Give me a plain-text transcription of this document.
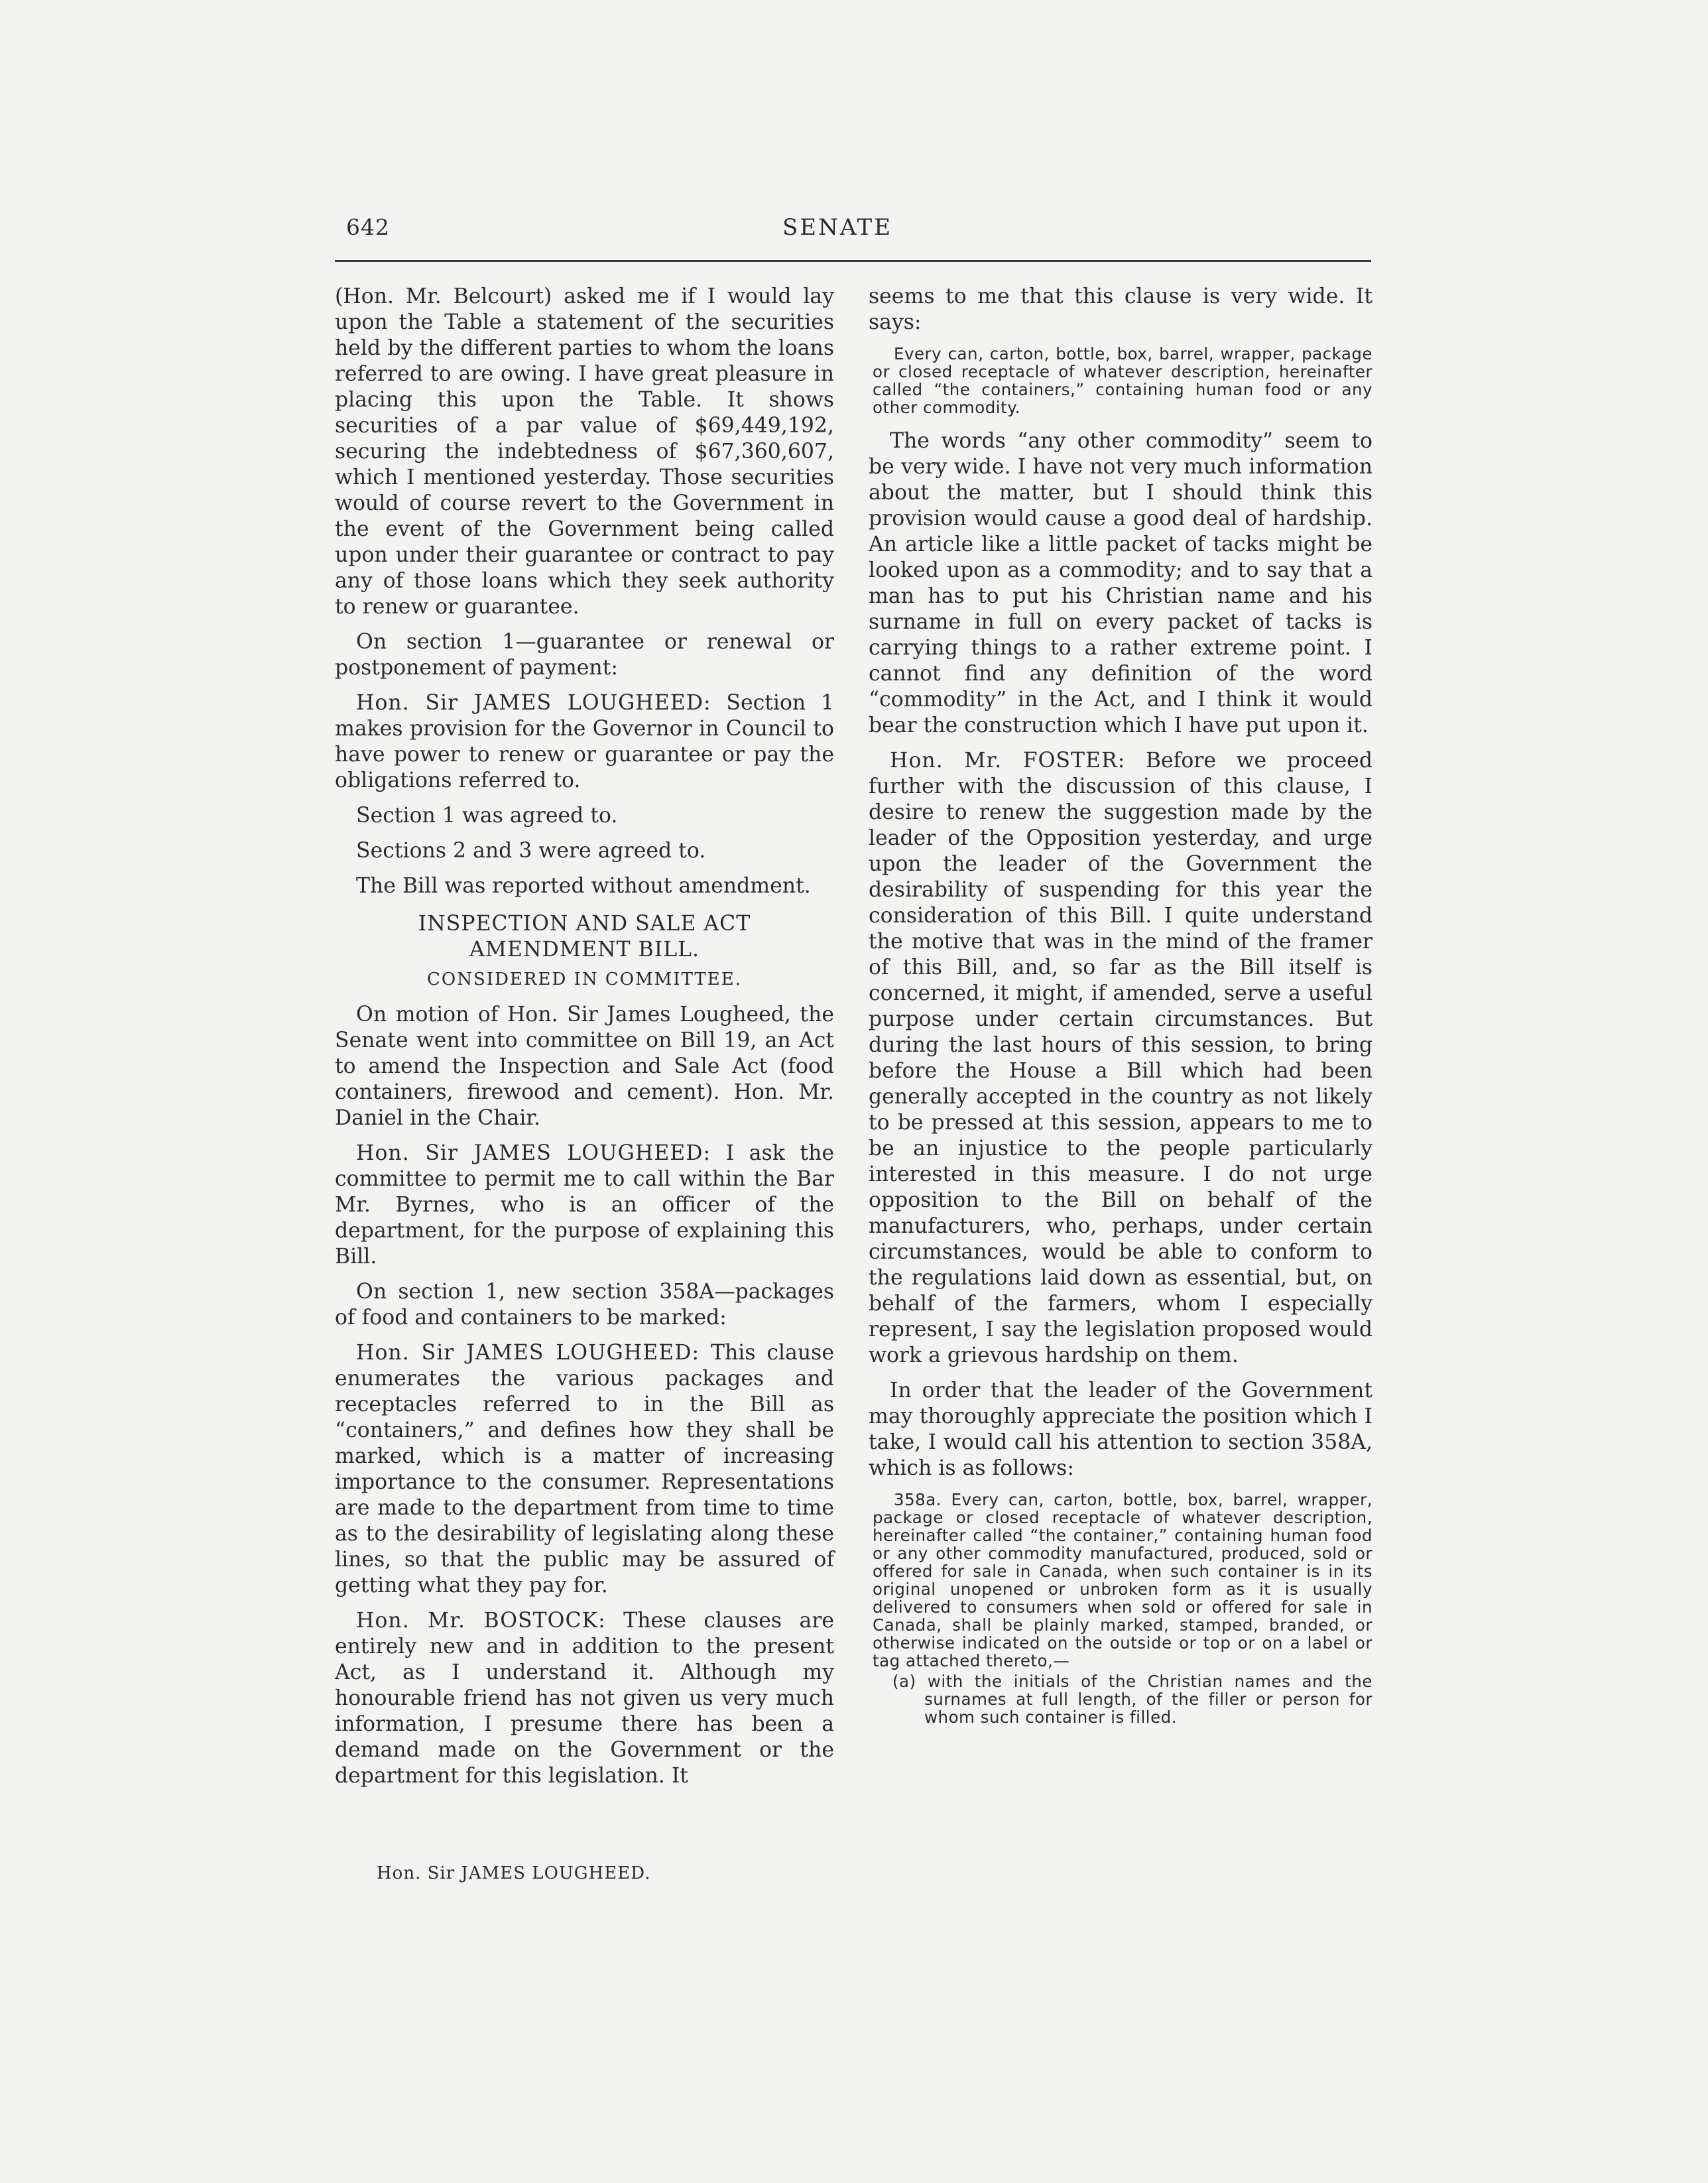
642	SENATE

(Hon. Mr. Belcourt) asked me if I would lay upon the Table a statement of the securities held by the different parties to whom the loans referred to are owing. I have great pleasure in placing this upon the Table. It shows securities of a par value of $69,449,192, securing the indebtedness of $67,360,607, which I mentioned yesterday. Those securities would of course revert to the Government in the event of the Government being called upon under their guarantee or contract to pay any of those loans which they seek authority to renew or guarantee.

On section 1—guarantee or renewal or postponement of payment:

Hon. Sir JAMES LOUGHEED: Section 1 makes provision for the Governor in Council to have power to renew or guarantee or pay the obligations referred to.

Section 1 was agreed to.

Sections 2 and 3 were agreed to.

The Bill was reported without amendment.

INSPECTION AND SALE ACT AMENDMENT BILL.
CONSIDERED IN COMMITTEE.

On motion of Hon. Sir James Lougheed, the Senate went into committee on Bill 19, an Act to amend the Inspection and Sale Act (food containers, firewood and cement). Hon. Mr. Daniel in the Chair.

Hon. Sir JAMES LOUGHEED: I ask the committee to permit me to call within the Bar Mr. Byrnes, who is an officer of the department, for the purpose of explaining this Bill.

On section 1, new section 358A—packages of food and containers to be marked:

Hon. Sir JAMES LOUGHEED: This clause enumerates the various packages and receptacles referred to in the Bill as “containers,” and defines how they shall be marked, which is a matter of increasing importance to the consumer. Representations are made to the department from time to time as to the desirability of legislating along these lines, so that the public may be assured of getting what they pay for.

Hon. Mr. BOSTOCK: These clauses are entirely new and in addition to the present Act, as I understand it. Although my honourable friend has not given us very much information, I presume there has been a demand made on the Government or the department for this legislation. It

Hon. Sir JAMES LOUGHEED.

seems to me that this clause is very wide. It says:

Every can, carton, bottle, box, barrel, wrapper, package or closed receptacle of whatever description, hereinafter called “the containers,” containing human food or any other commodity.

The words “any other commodity” seem to be very wide. I have not very much information about the matter, but I should think this provision would cause a good deal of hardship. An article like a little packet of tacks might be looked upon as a commodity; and to say that a man has to put his Christian name and his surname in full on every packet of tacks is carrying things to a rather extreme point. I cannot find any definition of the word “commodity” in the Act, and I think it would bear the construction which I have put upon it.

Hon. Mr. FOSTER: Before we proceed further with the discussion of this clause, I desire to renew the suggestion made by the leader of the Opposition yesterday, and urge upon the leader of the Government the desirability of suspending for this year the consideration of this Bill. I quite understand the motive that was in the mind of the framer of this Bill, and, so far as the Bill itself is concerned, it might, if amended, serve a useful purpose under certain circumstances. But during the last hours of this session, to bring before the House a Bill which had been generally accepted in the country as not likely to be pressed at this session, appears to me to be an injustice to the people particularly interested in this measure. I do not urge opposition to the Bill on behalf of the manufacturers, who, perhaps, under certain circumstances, would be able to conform to the regulations laid down as essential, but, on behalf of the farmers, whom I especially represent, I say the legislation proposed would work a grievous hardship on them.

In order that the leader of the Government may thoroughly appreciate the position which I take, I would call his attention to section 358A, which is as follows:

358a. Every can, carton, bottle, box, barrel, wrapper, package or closed receptacle of whatever description, hereinafter called “the container,” containing human food or any other commodity manufactured, produced, sold or offered for sale in Canada, when such container is in its original unopened or unbroken form as it is usually delivered to consumers when sold or offered for sale in Canada, shall be plainly marked, stamped, branded, or otherwise indicated on the outside or top or on a label or tag attached thereto,—
(a) with the initials of the Christian names and the surnames at full length, of the filler or person for whom such container is filled.
